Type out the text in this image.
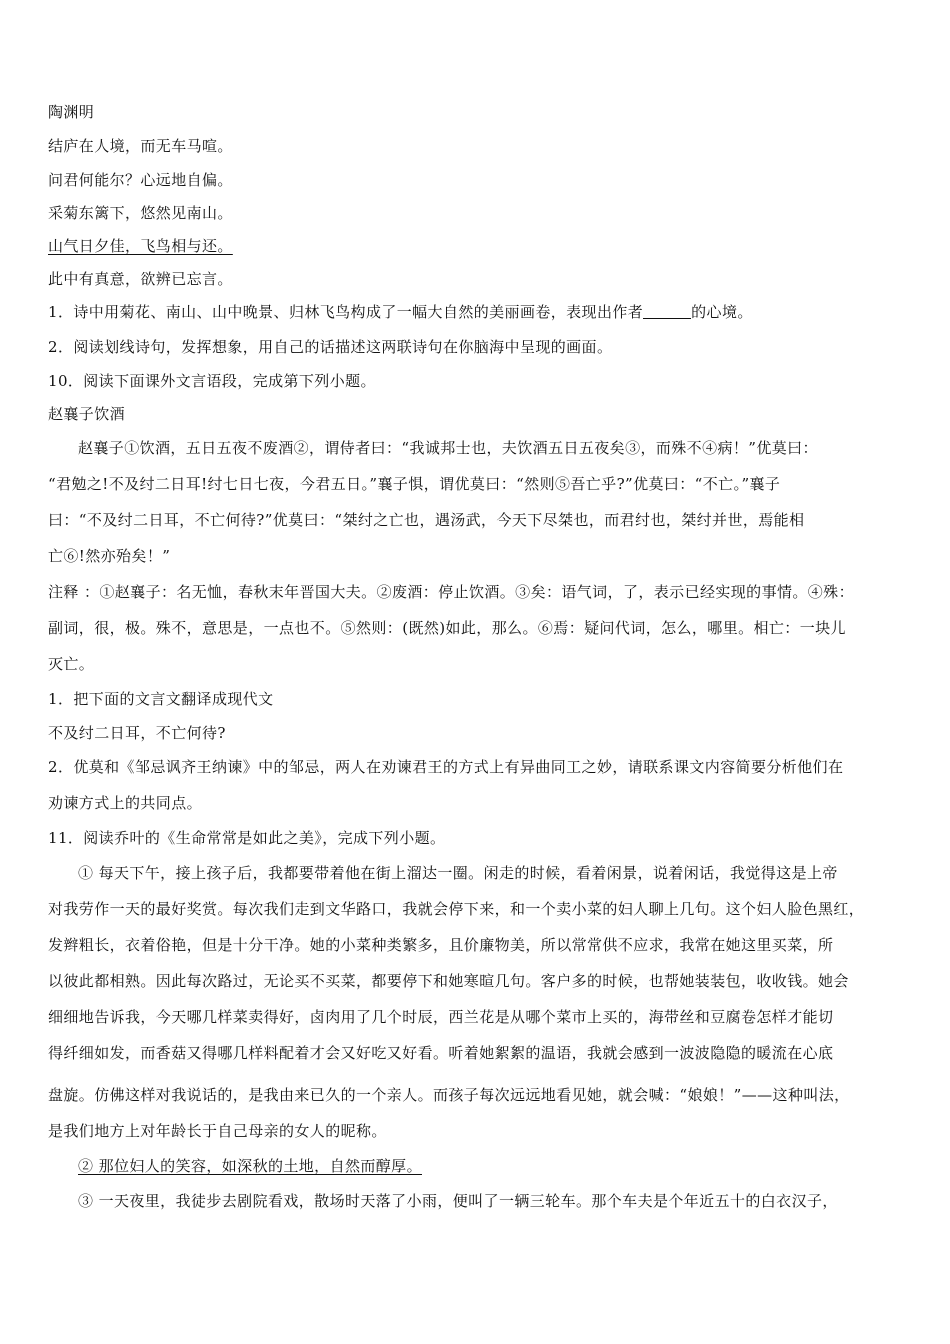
陶渊明
结庐在人境，而无车马喧。
问君何能尔？心远地自偏。
采菊东篱下，悠然见南山。
山气日夕佳，飞鸟相与还。
此中有真意，欲辨已忘言。
1．诗中用菊花、南山、山中晚景、归林飞鸟构成了一幅大自然的美丽画卷，表现出作者	的心境。
2．阅读划线诗句，发挥想象，用自己的话描述这两联诗句在你脑海中呈现的画面。
10．阅读下面课外文言语段，完成第下列小题。
赵襄子饮酒
赵襄子①饮酒，五日五夜不废酒②，谓侍者曰：“我诚邦士也，夫饮酒五日五夜矣③，而殊不④病！”优莫曰：
“君勉之!不及纣二日耳!纣七日七夜，今君五日。”襄子惧，谓优莫曰：“然则⑤吾亡乎?”优莫曰：“不亡。”襄子
曰：“不及纣二日耳，不亡何待?”优莫曰：“桀纣之亡也，遇汤武，今天下尽桀也，而君纣也，桀纣并世，焉能相
亡⑥!然亦殆矣！”
注释 ：①赵襄子：名无恤，春秋末年晋国大夫。②废酒：停止饮酒。③矣：语气词，了，表示已经实现的事情。④殊：
副词，很，极。殊不，意思是，一点也不。⑤然则：(既然)如此，那么。⑥焉：疑问代词，怎么，哪里。相亡：一块儿
灭亡。
1．把下面的文言文翻译成现代文
不及纣二日耳，不亡何待?
2．优莫和《邹忌讽齐王纳谏》中的邹忌，两人在劝谏君王的方式上有异曲同工之妙，请联系课文内容简要分析他们在
劝谏方式上的共同点。
11．阅读乔叶的《生命常常是如此之美》，完成下列小题。
① 每天下午，接上孩子后，我都要带着他在街上溜达一圈。闲走的时候，看着闲景，说着闲话，我觉得这是上帝
对我劳作一天的最好奖赏。每次我们走到文华路口，我就会停下来，和一个卖小菜的妇人聊上几句。这个妇人脸色黑红，
发辫粗长，衣着俗艳，但是十分干净。她的小菜种类繁多，且价廉物美，所以常常供不应求，我常在她这里买菜，所
以彼此都相熟。因此每次路过，无论买不买菜，都要停下和她寒暄几句。客户多的时候，也帮她装装包，收收钱。她会
细细地告诉我，今天哪几样菜卖得好，卤肉用了几个时辰，西兰花是从哪个菜市上买的，海带丝和豆腐卷怎样才能切
得纤细如发，而香菇又得哪几样料配着才会又好吃又好看。听着她絮絮的温语，我就会感到一波波隐隐的暖流在心底
盘旋。仿佛这样对我说话的，是我由来已久的一个亲人。而孩子每次远远地看见她，就会喊：“娘娘！”——这种叫法，
是我们地方上对年龄长于自己母亲的女人的昵称。
② 那位妇人的笑容，如深秋的土地，自然而醇厚。
③ 一天夜里，我徒步去剧院看戏，散场时天落了小雨，便叫了一辆三轮车。那个车夫是个年近五十的白衣汉子，
